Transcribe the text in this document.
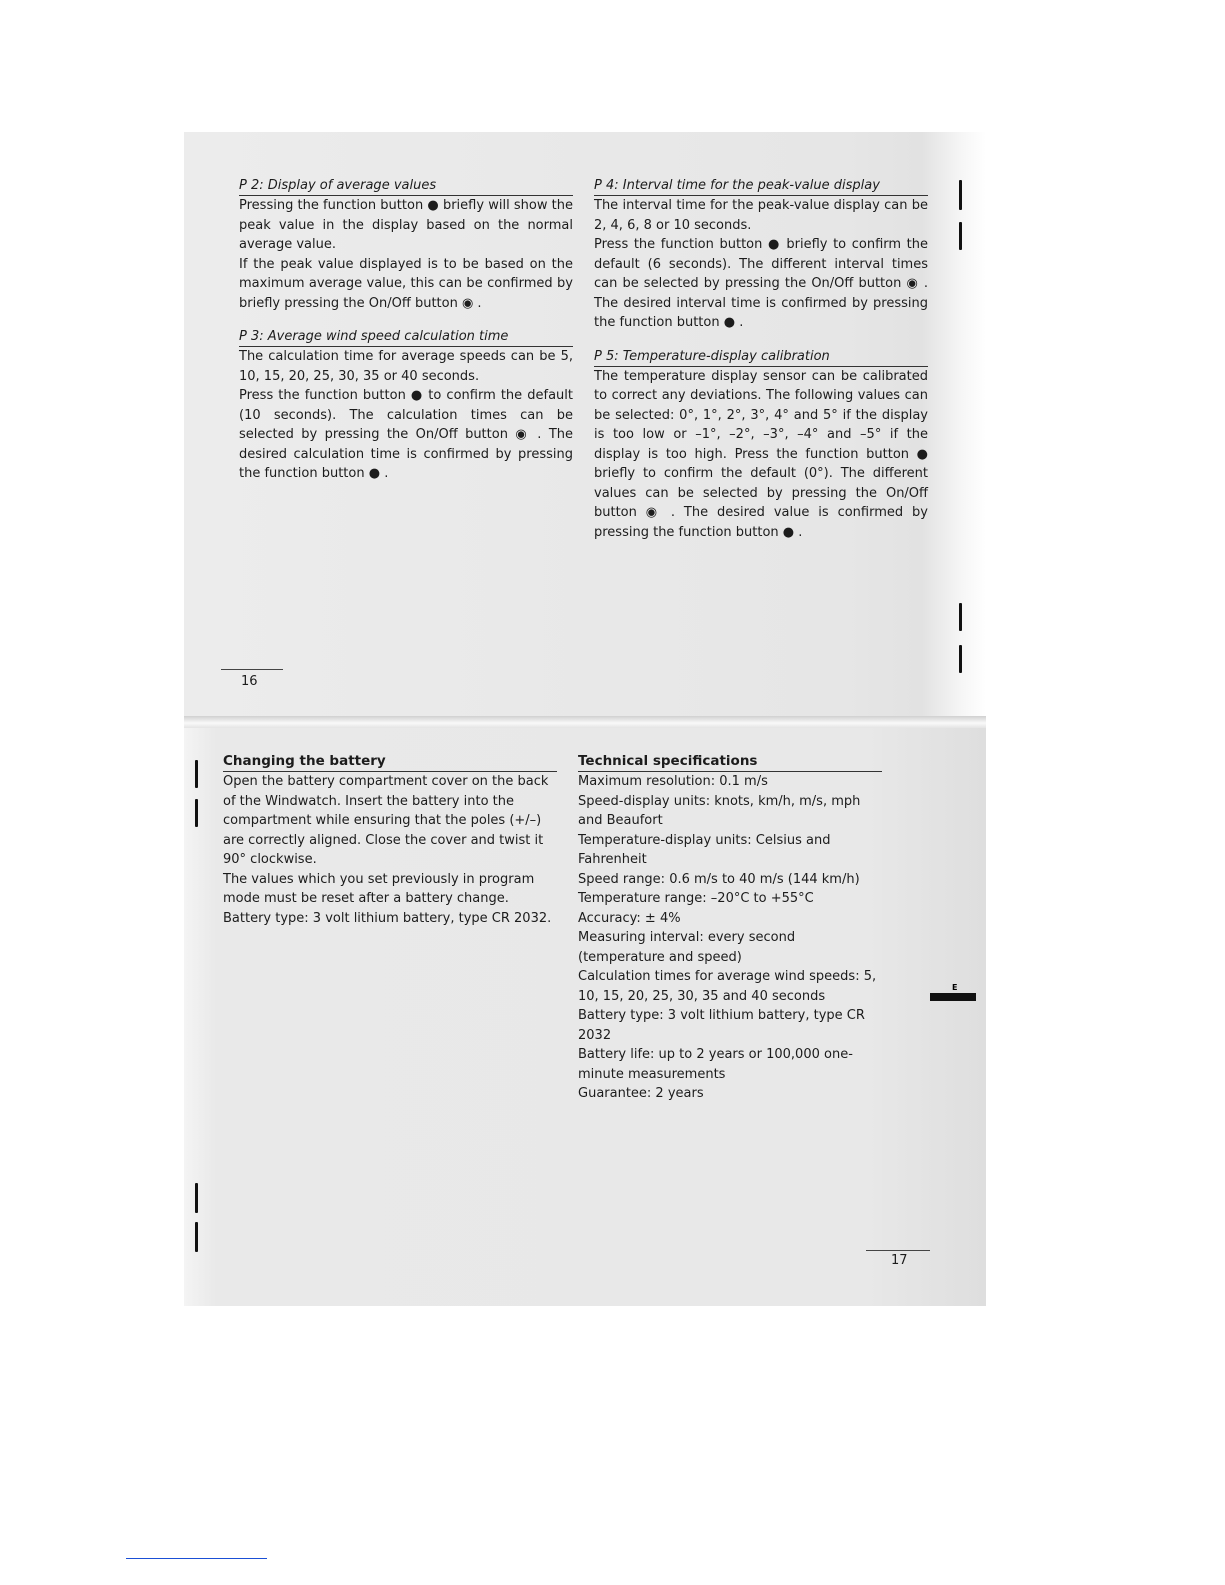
P 2: Display of average values

Pressing the function button ● briefly will show the peak value in the display based on the normal average value.

If the peak value displayed is to be based on the maximum average value, this can be confirmed by briefly pressing the On/Off button ◉ .

P 3: Average wind speed calculation time

The calculation time for average speeds can be 5, 10, 15, 20, 25, 30, 35 or 40 seconds.

Press the function button ● to confirm the default (10 seconds). The calculation times can be selected by pressing the On/Off button ◉ . The desired calculation time is confirmed by pressing the function button ● .

P 4: Interval time for the peak-value display

The interval time for the peak-value display can be 2, 4, 6, 8 or 10 seconds.

Press the function button ● briefly to confirm the default (6 seconds). The different interval times can be selected by pressing the On/Off button ◉ . The desired interval time is confirmed by pressing the function button ● .

P 5: Temperature-display calibration

The temperature display sensor can be calibrated to correct any deviations. The following values can be selected: 0°, 1°, 2°, 3°, 4° and 5° if the display is too low or –1°, –2°, –3°, –4° and –5° if the display is too high. Press the function button ● briefly to confirm the default (0°). The different values can be selected by pressing the On/Off button ◉ . The desired value is confirmed by pressing the function button ● .

16

Changing the battery

Open the battery compartment cover on the back of the Windwatch. Insert the battery into the compartment while ensuring that the poles (+/–) are correctly aligned. Close the cover and twist it 90° clockwise.

The values which you set previously in program mode must be reset after a battery change.

Battery type: 3 volt lithium battery, type CR 2032.

Technical specifications

Maximum resolution: 0.1 m/s

Speed-display units: knots, km/h, m/s, mph and Beaufort

Temperature-display units: Celsius and Fahrenheit

Speed range: 0.6 m/s to 40 m/s (144 km/h)

Temperature range: –20°C to +55°C

Accuracy: ± 4%

Measuring interval: every second (temperature and speed)

Calculation times for average wind speeds: 5, 10, 15, 20, 25, 30, 35 and 40 seconds

Battery type: 3 volt lithium battery, type CR 2032

Battery life: up to 2 years or 100,000 one-minute measurements

Guarantee: 2 years

17
E
